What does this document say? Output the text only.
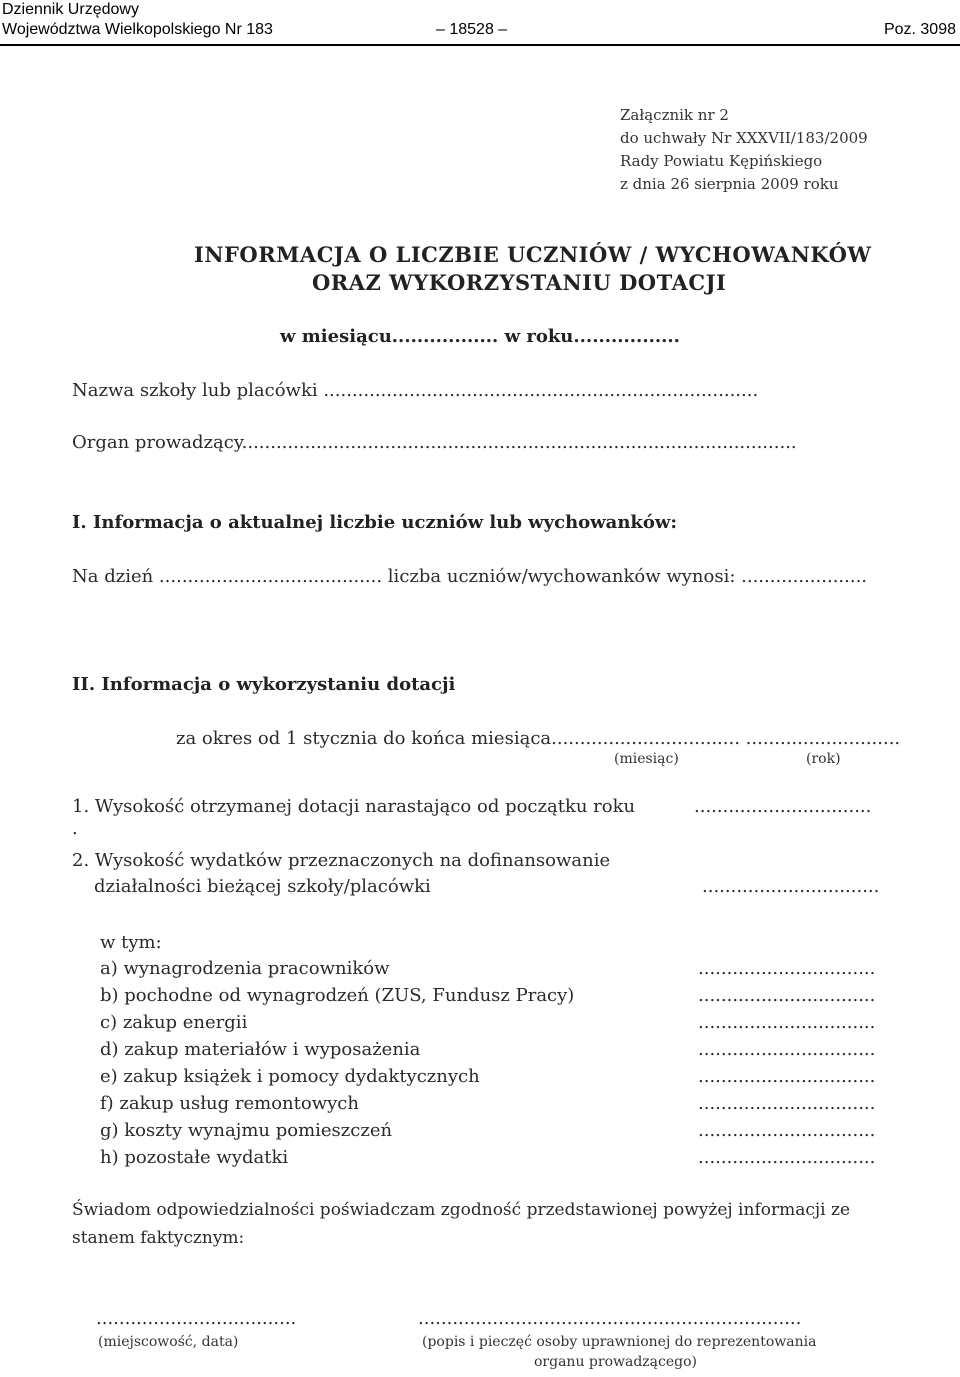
Dziennik Urzędowy
Województwa Wielkopolskiego Nr 183	– 18528 –	Poz. 3098
Załącznik nr 2
do uchwały Nr XXXVII/183/2009
Rady Powiatu Kępińskiego
z dnia 26 sierpnia 2009 roku
INFORMACJA O LICZBIE UCZNIÓW / WYCHOWANKÓW
ORAZ WYKORZYSTANIU DOTACJI
w miesiącu................. w roku.................
Nazwa szkoły lub placówki ............................................................................
Organ prowadzący.................................................................................................
I. Informacja o aktualnej liczbie uczniów lub wychowanków:
Na dzień ....................................... liczba uczniów/wychowanków wynosi: ......................
II. Informacja o wykorzystaniu dotacji
za okres od 1 stycznia do końca miesiąca................................. ...........................
(miesiąc)	(rok)
1. Wysokość otrzymanej dotacji narastająco od początku roku	...............................
.
2. Wysokość wydatków przeznaczonych na dofinansowanie
działalności bieżącej szkoły/placówki	...............................
w tym:
a) wynagrodzenia pracowników	...............................
b) pochodne od wynagrodzeń (ZUS, Fundusz Pracy)	...............................
c) zakup energii	...............................
d) zakup materiałów i wyposażenia	...............................
e) zakup książek i pomocy dydaktycznych	...............................
f) zakup usług remontowych	...............................
g) koszty wynajmu pomieszczeń	...............................
h) pozostałe wydatki	...............................
Świadom odpowiedzialności poświadczam zgodność przedstawionej powyżej informacji ze
stanem faktycznym:
...................................
(miejscowość, data)
...................................................................
(popis i pieczęć osoby uprawnionej do reprezentowania
organu prowadzącego)
